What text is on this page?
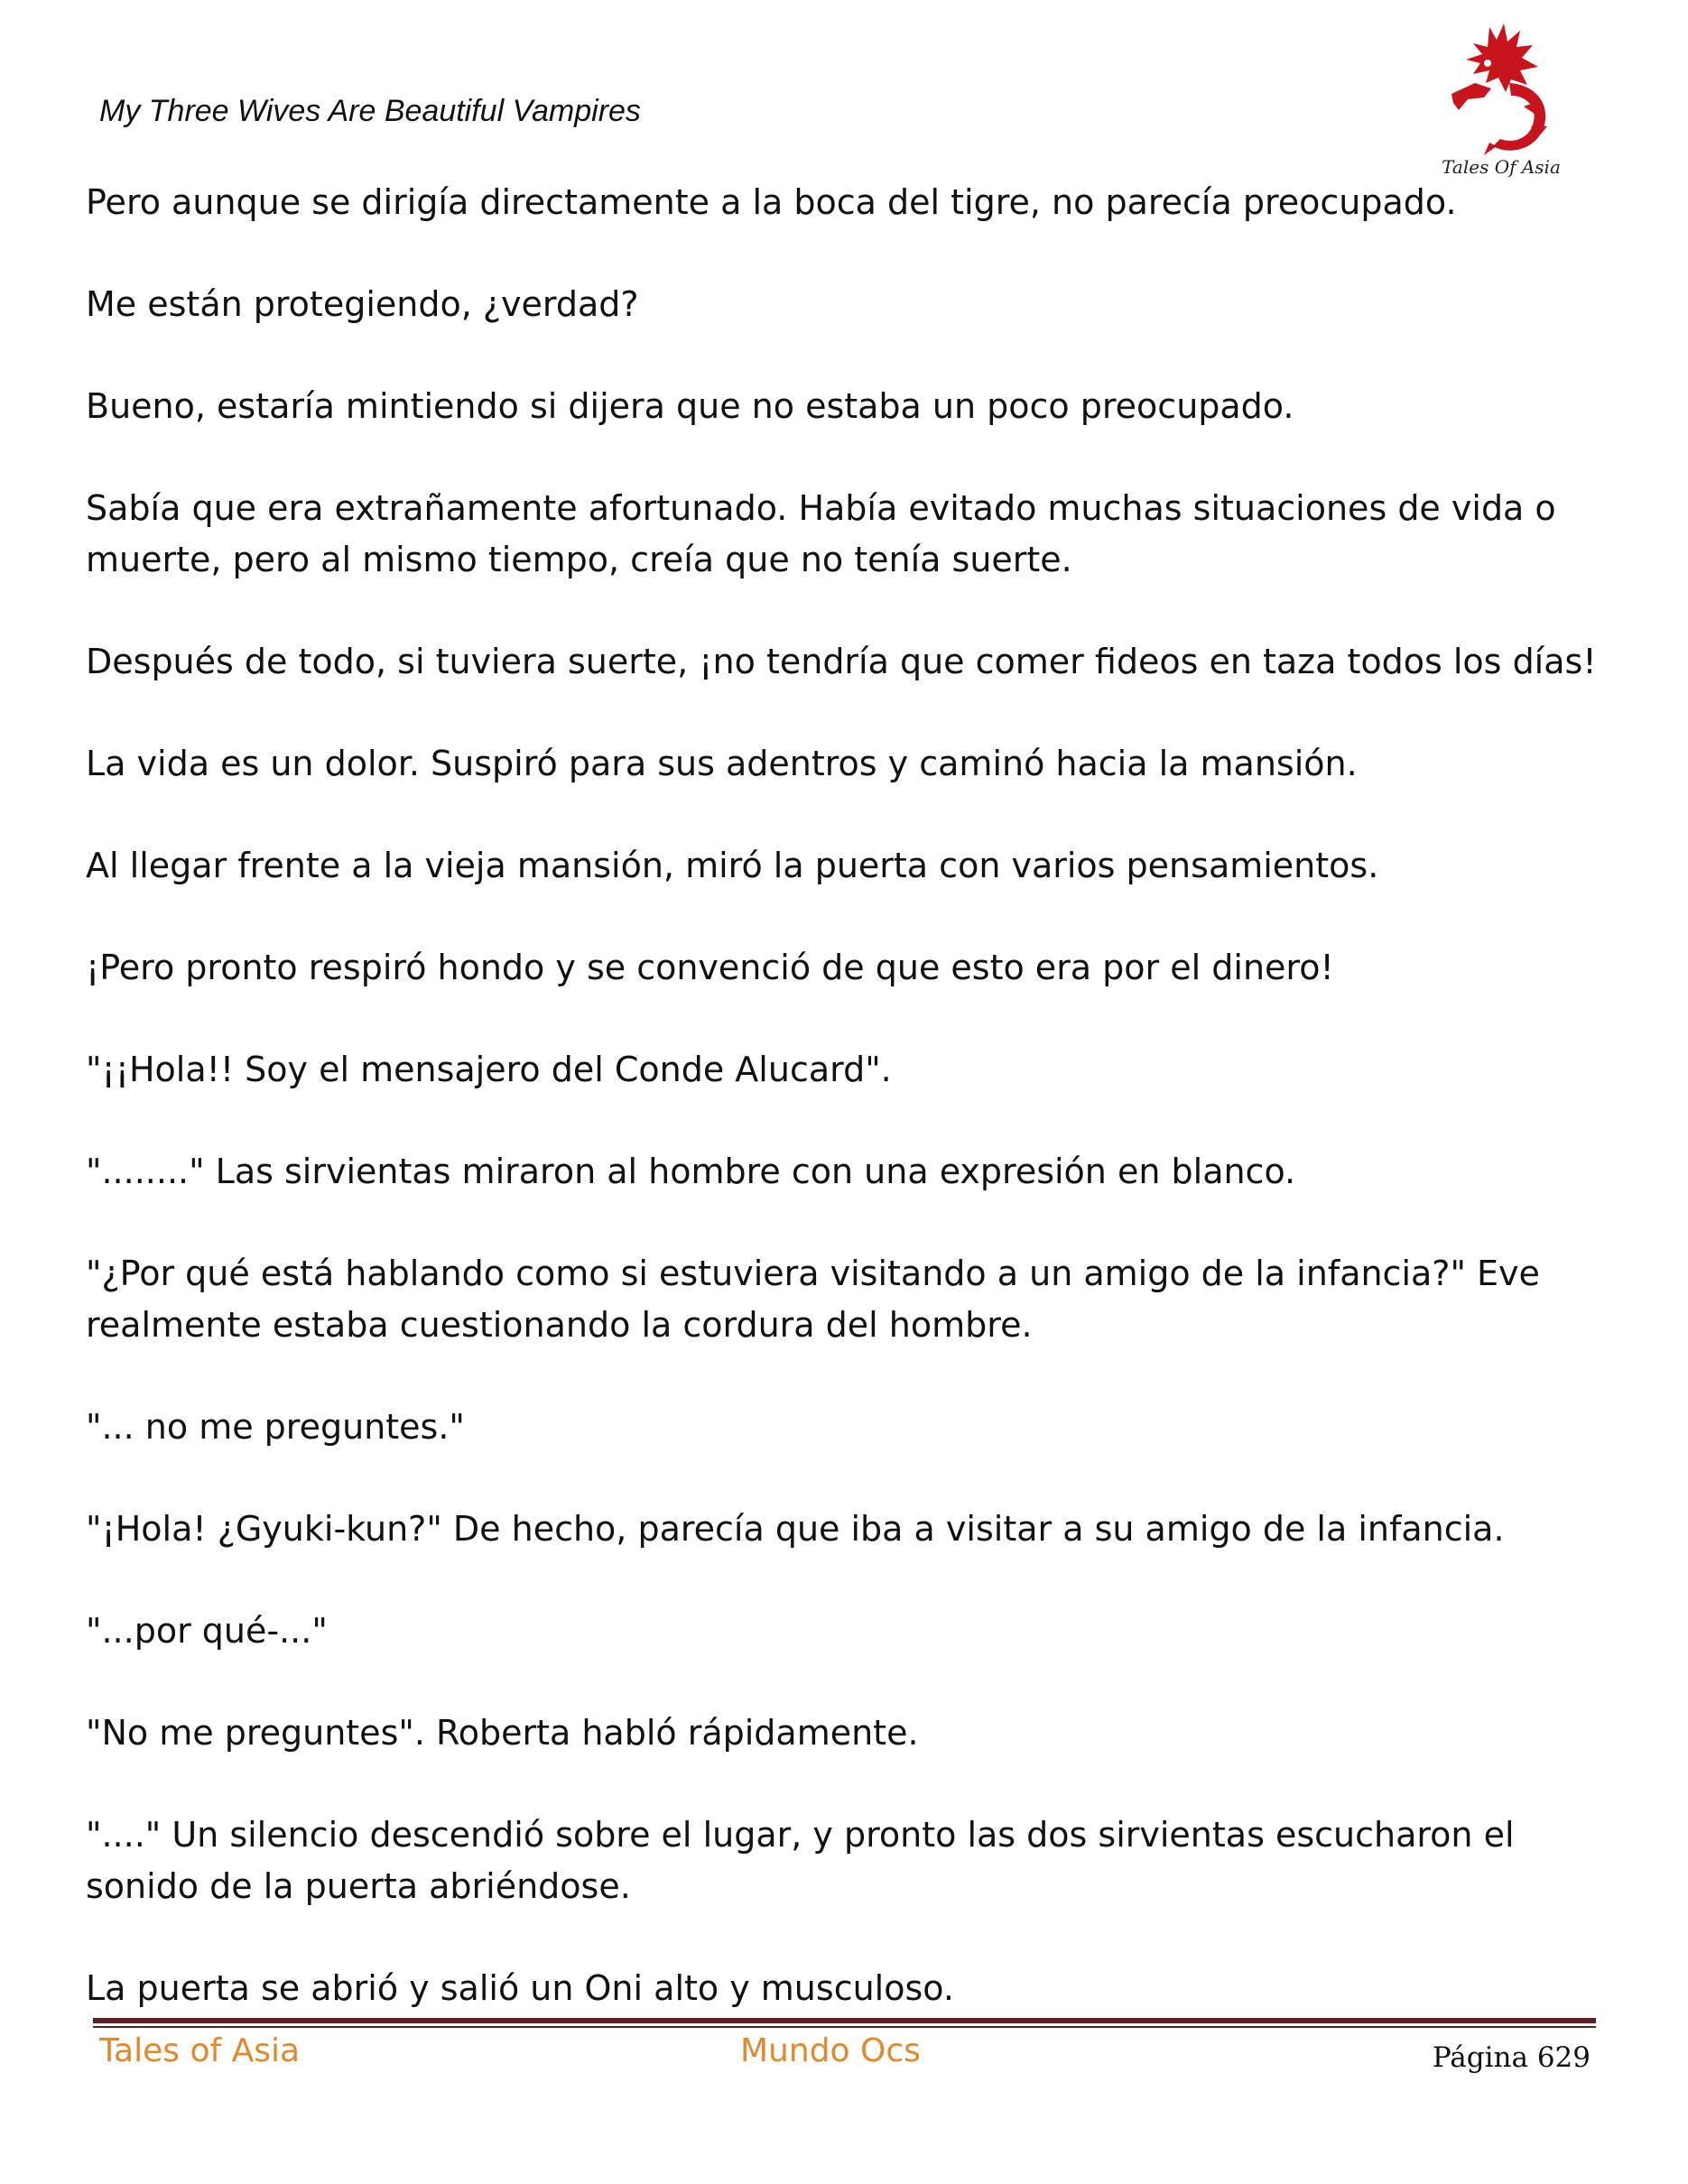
My Three Wives Are Beautiful Vampires
Tales Of Asia

Pero aunque se dirigía directamente a la boca del tigre, no parecía preocupado.

Me están protegiendo, ¿verdad?

Bueno, estaría mintiendo si dijera que no estaba un poco preocupado.

Sabía que era extrañamente afortunado. Había evitado muchas situaciones de vida o muerte, pero al mismo tiempo, creía que no tenía suerte.

Después de todo, si tuviera suerte, ¡no tendría que comer fideos en taza todos los días!

La vida es un dolor. Suspiró para sus adentros y caminó hacia la mansión.

Al llegar frente a la vieja mansión, miró la puerta con varios pensamientos.

¡Pero pronto respiró hondo y se convenció de que esto era por el dinero!

"¡¡Hola!! Soy el mensajero del Conde Alucard".

"........" Las sirvientas miraron al hombre con una expresión en blanco.

"¿Por qué está hablando como si estuviera visitando a un amigo de la infancia?" Eve realmente estaba cuestionando la cordura del hombre.

"... no me preguntes."

"¡Hola! ¿Gyuki-kun?" De hecho, parecía que iba a visitar a su amigo de la infancia.

"...por qué-..."

"No me preguntes". Roberta habló rápidamente.

"...." Un silencio descendió sobre el lugar, y pronto las dos sirvientas escucharon el sonido de la puerta abriéndose.

La puerta se abrió y salió un Oni alto y musculoso.

Tales of Asia	Mundo Ocs	Página 629
